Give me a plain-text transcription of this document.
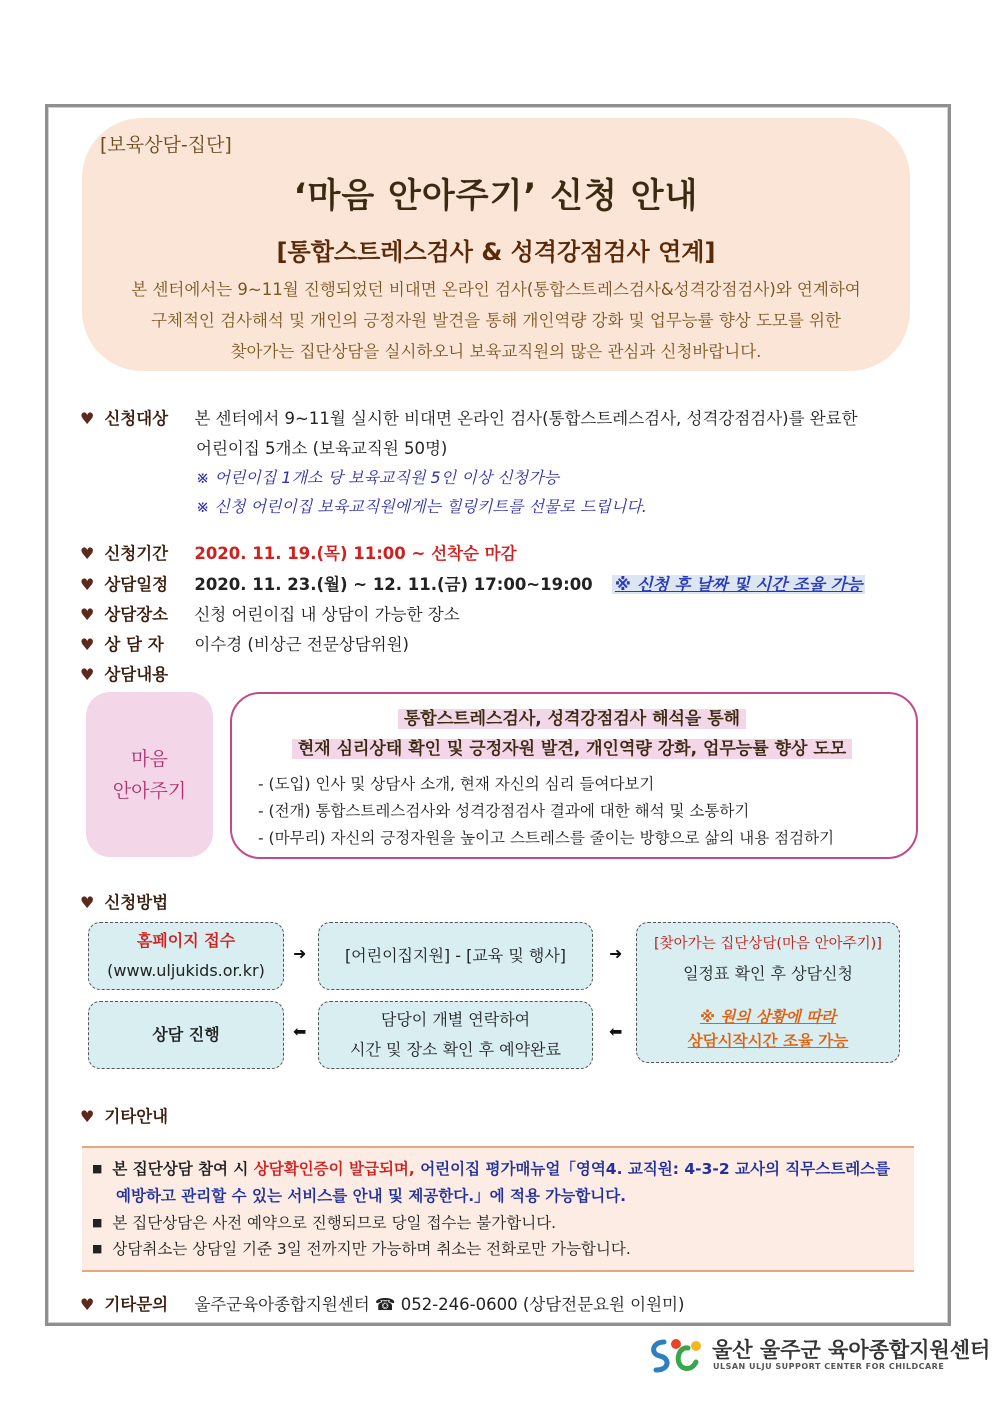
[보육상담-집단]
‘마음 안아주기’ 신청 안내
[통합스트레스검사 & 성격강점검사 연계]
본 센터에서는 9~11월 진행되었던 비대면 온라인 검사(통합스트레스검사&성격강점검사)와 연계하여
구체적인 검사해석 및 개인의 긍정자원 발견을 통해 개인역량 강화 및 업무능률 향상 도모를 위한
찾아가는 집단상담을 실시하오니 보육교직원의 많은 관심과 신청바랍니다.
♥ 신청대상 본 센터에서 9~11월 실시한 비대면 온라인 검사(통합스트레스검사, 성격강점검사)를 완료한
어린이집 5개소 (보육교직원 50명)
※ 어린이집 1개소 당 보육교직원 5인 이상 신청가능
※ 신청 어린이집 보육교직원에게는 힐링키트를 선물로 드립니다.
♥ 신청기간 2020. 11. 19.(목) 11:00 ~ 선착순 마감
♥ 상담일정 2020. 11. 23.(월) ~ 12. 11.(금) 17:00~19:00 ※ 신청 후 날짜 및 시간 조율 가능
♥ 상담장소 신청 어린이집 내 상담이 가능한 장소
♥ 상 담 자 이수경 (비상근 전문상담위원)
♥ 상담내용
마음
안아주기
통합스트레스검사, 성격강점검사 해석을 통해
현재 심리상태 확인 및 긍정자원 발견, 개인역량 강화, 업무능률 향상 도모
- (도입) 인사 및 상담사 소개, 현재 자신의 심리 들여다보기
- (전개) 통합스트레스검사와 성격강점검사 결과에 대한 해석 및 소통하기
- (마무리) 자신의 긍정자원을 높이고 스트레스를 줄이는 방향으로 삶의 내용 점검하기
♥ 신청방법
홈페이지 접수
(www.uljukids.or.kr)
➜ [어린이집지원] - [교육 및 행사]	➜ [찾아가는 집단상담(마음 안아주기)]
일정표 확인 후 상담신청
※ 원의 상황에 따라
상담시작시간 조율 가능
상담 진행	⬅
담당이 개별 연락하여
시간 및 장소 확인 후 예약완료
⬅
♥ 기타안내
■ 본 집단상담 참여 시 상담확인증이 발급되며, 어린이집 평가매뉴얼「영역4. 교직원: 4-3-2 교사의 직무스트레스를
예방하고 관리할 수 있는 서비스를 안내 및 제공한다.」에 적용 가능합니다.
■ 본 집단상담은 사전 예약으로 진행되므로 당일 접수는 불가합니다.
■ 상담취소는 상담일 기준 3일 전까지만 가능하며 취소는 전화로만 가능합니다.
♥ 기타문의 울주군육아종합지원센터 ☎ 052-246-0600 (상담전문요원 이원미)
울산 울주군 육아종합지원센터
ULSAN ULJU SUPPORT CENTER FOR CHILDCARE
